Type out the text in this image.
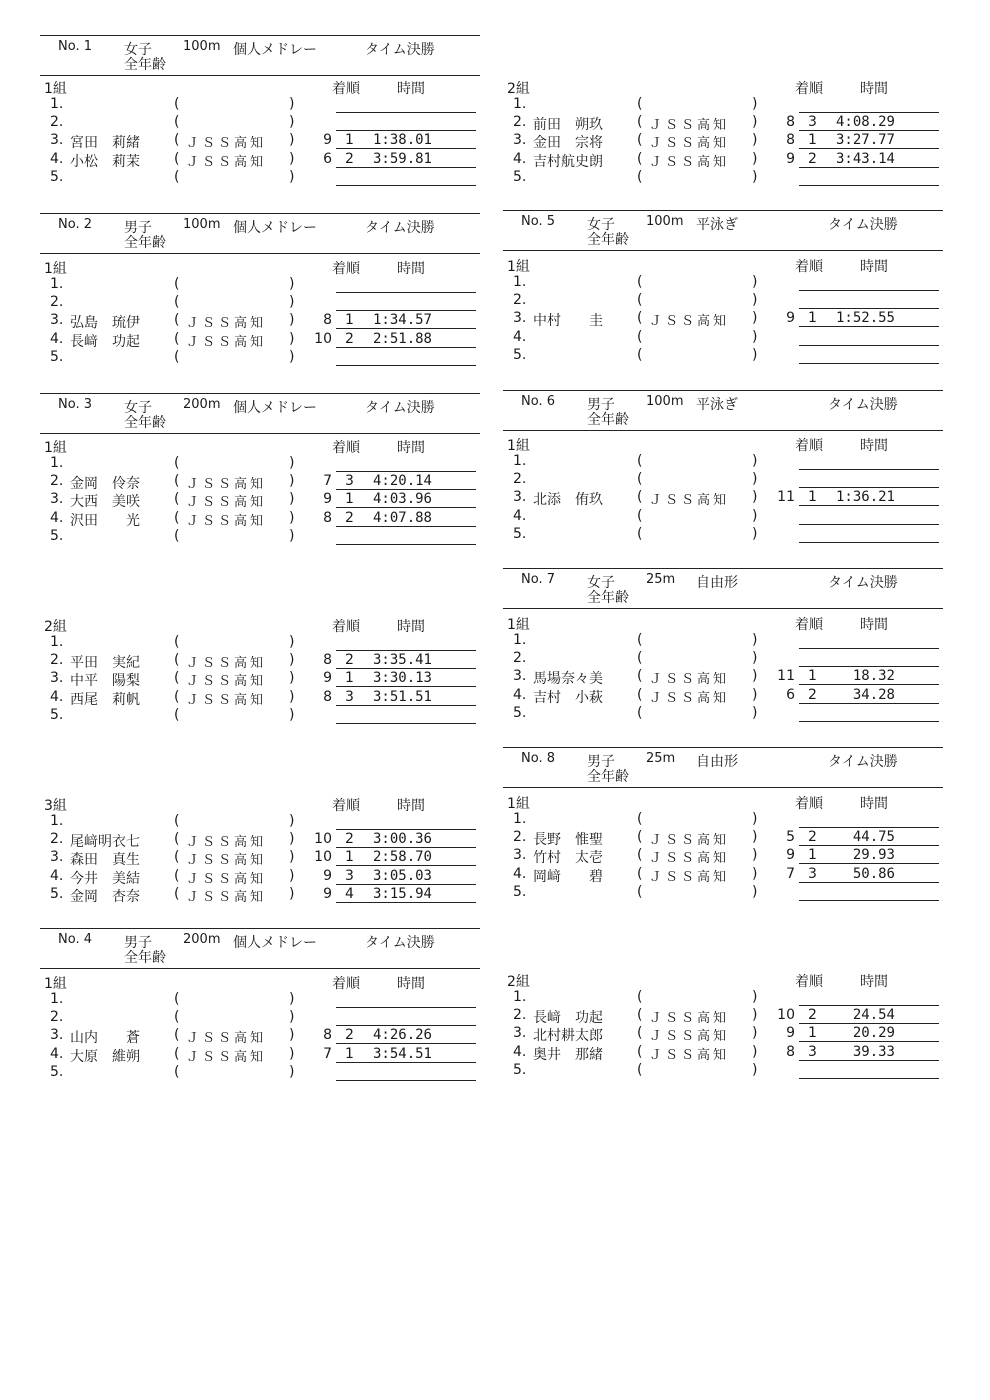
No. 1 女子
全年齢
100m 個人メドレー	タイム決勝
1組	着順	時間
1.	(	)
2.	(	)
3. 宮田　莉緒 ( ＪＳＳ高知 )	9 1	1:38.01
4. 小松　莉茉 ( ＪＳＳ高知 )	6 2	3:59.81
5.	(	)
No. 2 男子
全年齢
100m 個人メドレー	タイム決勝
1組	着順	時間
1.	(	)
2.	(	)
3. 弘島　琉伊 ( ＪＳＳ高知 )	8 1	1:34.57
4. 長﨑　功起 ( ＪＳＳ高知 )	10 2	2:51.88
5.	(	)
No. 3 女子
全年齢
200m 個人メドレー	タイム決勝
1組	着順	時間
1.	(	)
2. 金岡　伶奈 ( ＪＳＳ高知 )	7 3	4:20.14
3. 大西　美咲 ( ＪＳＳ高知 )	9 1	4:03.96
4. 沢田　　光 ( ＪＳＳ高知 )	8 2	4:07.88
5.	(	)
2組	着順	時間
1.	(	)
2. 平田　実紀 ( ＪＳＳ高知 )	8 2	3:35.41
3. 中平　陽梨 ( ＪＳＳ高知 )	9 1	3:30.13
4. 西尾　莉帆 ( ＪＳＳ高知 )	8 3	3:51.51
5.	(	)
3組	着順	時間
1.	(	)
2. 尾﨑明衣七 ( ＪＳＳ高知 )	10 2	3:00.36
3. 森田　真生 ( ＪＳＳ高知 )	10 1	2:58.70
4. 今井　美結 ( ＪＳＳ高知 )	9 3	3:05.03
5. 金岡　杏奈 ( ＪＳＳ高知 )	9 4	3:15.94
No. 4 男子
全年齢
200m 個人メドレー	タイム決勝
1組	着順	時間
1.	(	)
2.	(	)
3. 山内　　蒼 ( ＪＳＳ高知 )	8 2	4:26.26
4. 大原　維朔 ( ＪＳＳ高知 )	7 1	3:54.51
5.	(	)
2組	着順	時間
1.	(	)
2. 前田　朔玖 ( ＪＳＳ高知 )	8 3	4:08.29
3. 金田　宗将 ( ＪＳＳ高知 )	8 1	3:27.77
4. 吉村航史朗 ( ＪＳＳ高知 )	9 2	3:43.14
5.	(	)
No. 5 女子
全年齢
100m 平泳ぎ	タイム決勝
1組	着順	時間
1.	(	)
2.	(	)
3. 中村　　圭 ( ＪＳＳ高知 )	9 1	1:52.55
4.	(	)
5.	(	)
No. 6 男子
全年齢
100m 平泳ぎ	タイム決勝
1組	着順	時間
1.	(	)
2.	(	)
3. 北添　侑玖 ( ＪＳＳ高知 )	11 1	1:36.21
4.	(	)
5.	(	)
No. 7 女子
全年齢
25m 自由形	タイム決勝
1組	着順	時間
1.	(	)
2.	(	)
3. 馬場奈々美 ( ＪＳＳ高知 )	11 1	18.32
4. 吉村　小萩 ( ＪＳＳ高知 )	6 2	34.28
5.	(	)
No. 8 男子
全年齢
25m 自由形	タイム決勝
1組	着順	時間
1.	(	)
2. 長野　惟聖 ( ＪＳＳ高知 )	5 2	44.75
3. 竹村　太壱 ( ＪＳＳ高知 )	9 1	29.93
4. 岡﨑　　碧 ( ＪＳＳ高知 )	7 3	50.86
5.	(	)
2組	着順	時間
1.	(	)
2. 長﨑　功起 ( ＪＳＳ高知 )	10 2	24.54
3. 北村耕太郎 ( ＪＳＳ高知 )	9 1	20.29
4. 奥井　那緒 ( ＪＳＳ高知 )	8 3	39.33
5.	(	)
